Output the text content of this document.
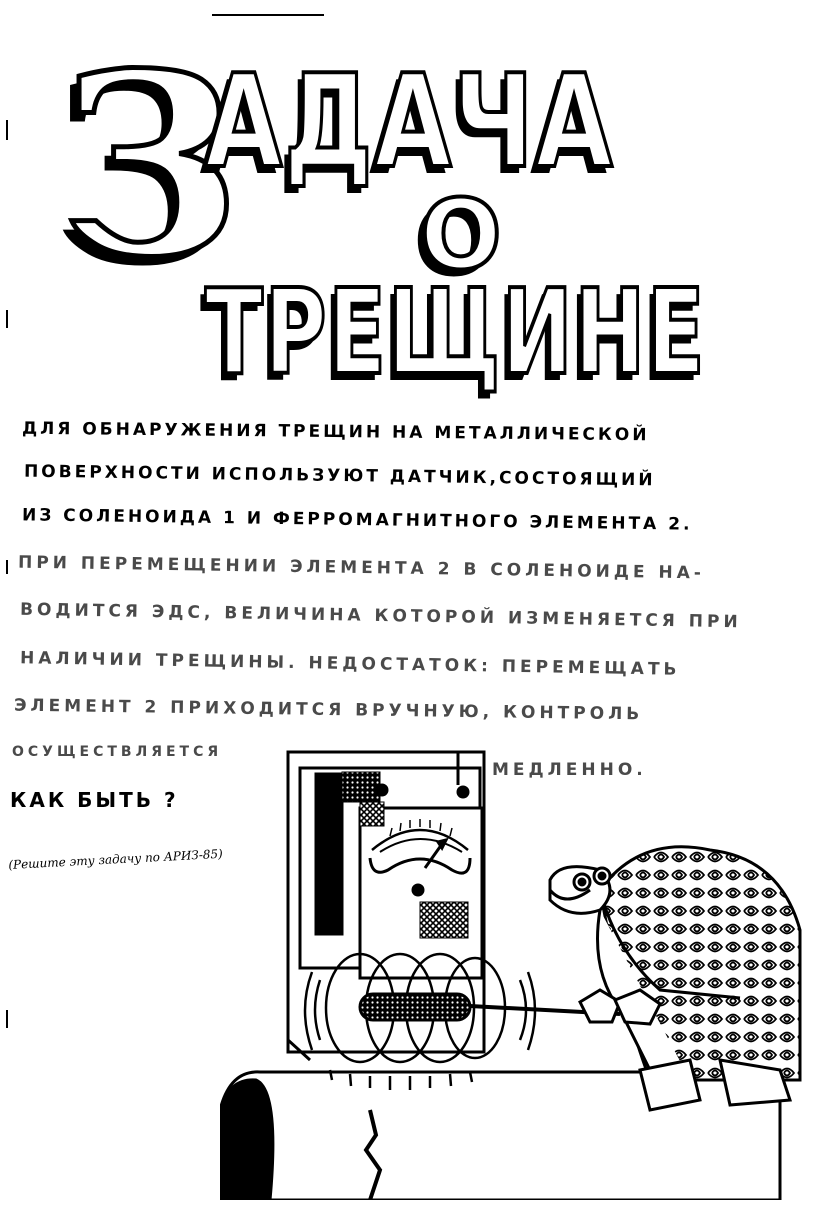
З
АДАЧА
О
ТРЕЩИНЕ
ДЛЯ ОБНАРУЖЕНИЯ ТРЕЩИН НА МЕТАЛЛИЧЕСКОЙ
ПОВЕРХНОСТИ ИСПОЛЬЗУЮТ ДАТЧИК,СОСТОЯЩИЙ
ИЗ СОЛЕНОИДА 1 И ФЕРРОМАГНИТНОГО ЭЛЕМЕНТА 2.
ПРИ ПЕРЕМЕЩЕНИИ ЭЛЕМЕНТА 2 В СОЛЕНОИДЕ НА-
ВОДИТСЯ ЭДС, ВЕЛИЧИНА КОТОРОЙ ИЗМЕНЯЕТСЯ ПРИ
НАЛИЧИИ ТРЕЩИНЫ. НЕДОСТАТОК: ПЕРЕМЕЩАТЬ
ЭЛЕМЕНТ 2 ПРИХОДИТСЯ ВРУЧНУЮ, КОНТРОЛЬ
ОСУЩЕСТВЛЯЕТСЯ
МЕДЛЕННО.
КАК БЫТЬ ?
(Решите эту задачу по АРИЗ-85)
